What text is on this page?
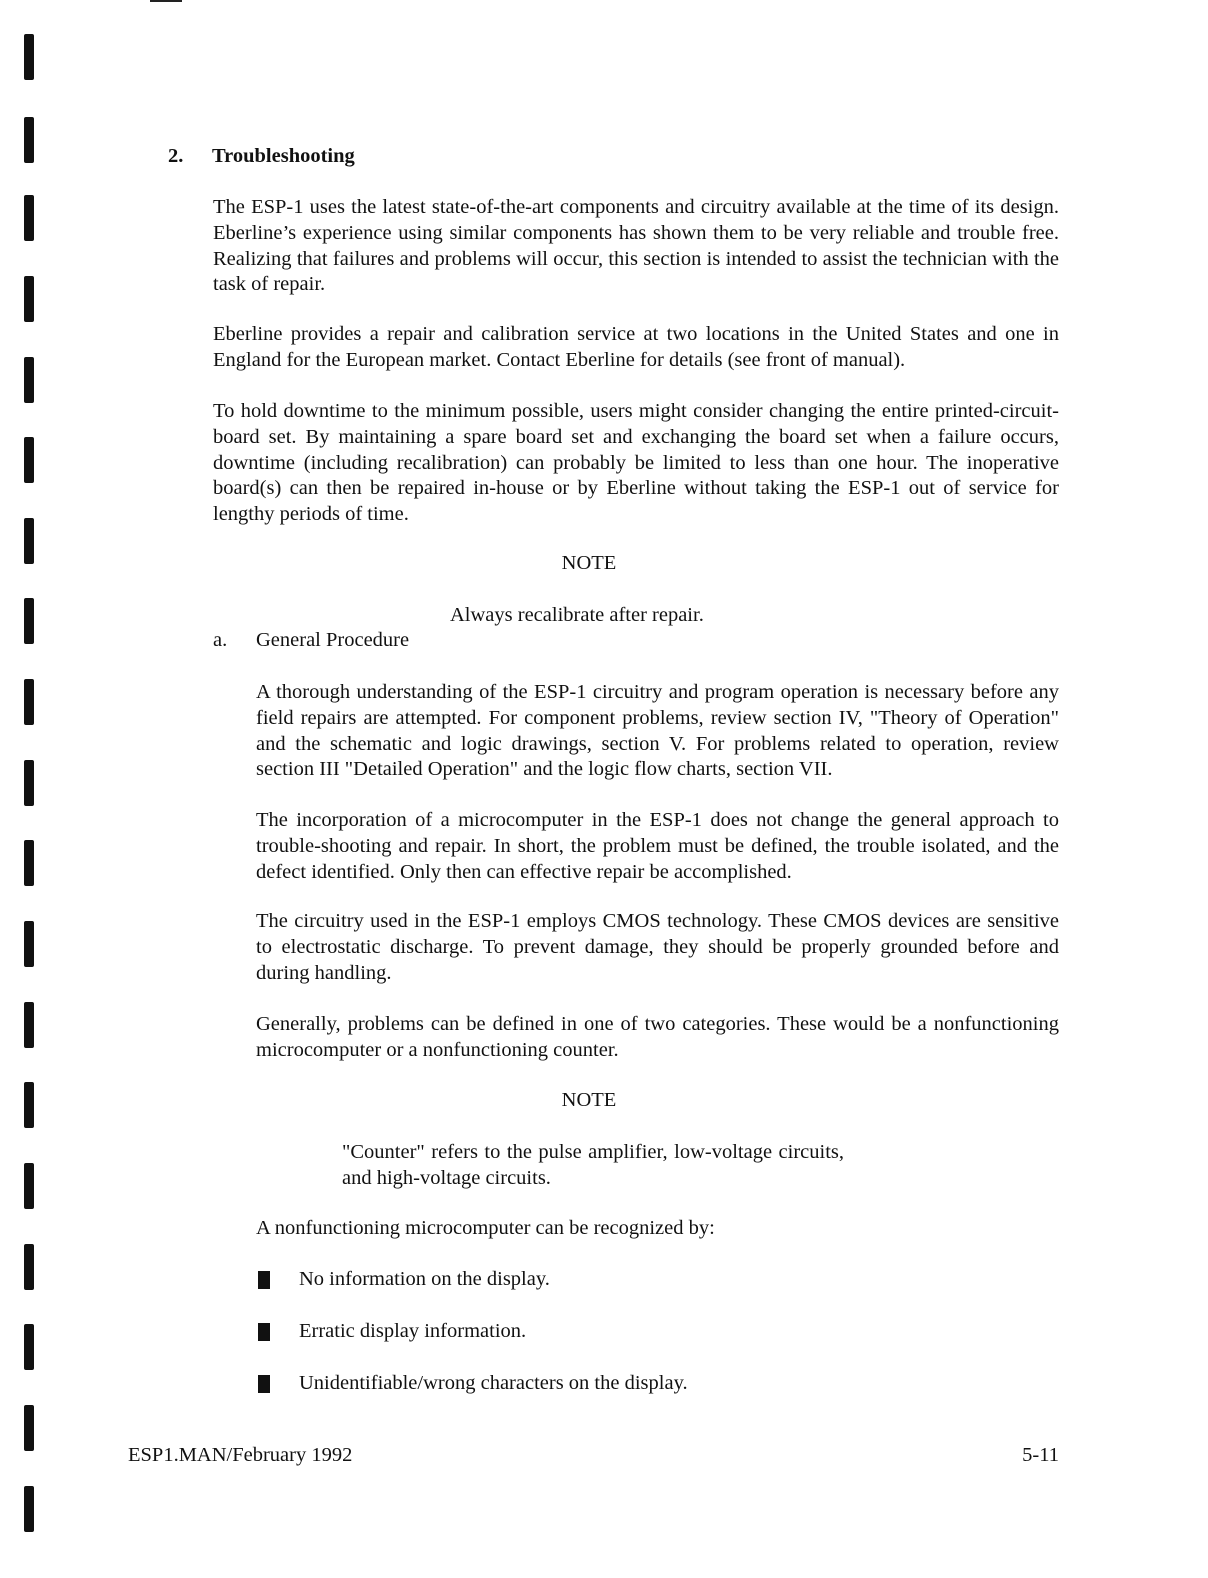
2. Troubleshooting
The ESP-1 uses the latest state-of-the-art components and circuitry available at the time of its design. Eberline’s experience using similar components has shown them to be very reliable and trouble free. Realizing that failures and problems will occur, this section is intended to assist the technician with the task of repair.
Eberline provides a repair and calibration service at two locations in the United States and one in England for the European market. Contact Eberline for details (see front of manual).
To hold downtime to the minimum possible, users might consider changing the entire printed-circuit-board set. By maintaining a spare board set and exchanging the board set when a failure occurs, downtime (including recalibration) can probably be limited to less than one hour. The inoperative board(s) can then be repaired in-house or by Eberline without taking the ESP-1 out of service for lengthy periods of time.
NOTE
Always recalibrate after repair.
a. General Procedure
A thorough understanding of the ESP-1 circuitry and program operation is necessary before any field repairs are attempted. For component problems, review section IV, "Theory of Operation" and the schematic and logic drawings, section V. For problems related to operation, review section III "Detailed Operation" and the logic flow charts, section VII.
The incorporation of a microcomputer in the ESP-1 does not change the general approach to trouble-shooting and repair. In short, the problem must be defined, the trouble isolated, and the defect identified. Only then can effective repair be accomplished.
The circuitry used in the ESP-1 employs CMOS technology. These CMOS devices are sensitive to electrostatic discharge. To prevent damage, they should be properly grounded before and during handling.
Generally, problems can be defined in one of two categories. These would be a nonfunctioning microcomputer or a nonfunctioning counter.
NOTE
"Counter" refers to the pulse amplifier, low-voltage circuits, and high-voltage circuits.
A nonfunctioning microcomputer can be recognized by:
No information on the display.
Erratic display information.
Unidentifiable/wrong characters on the display.
ESP1.MAN/February 1992	5-11
